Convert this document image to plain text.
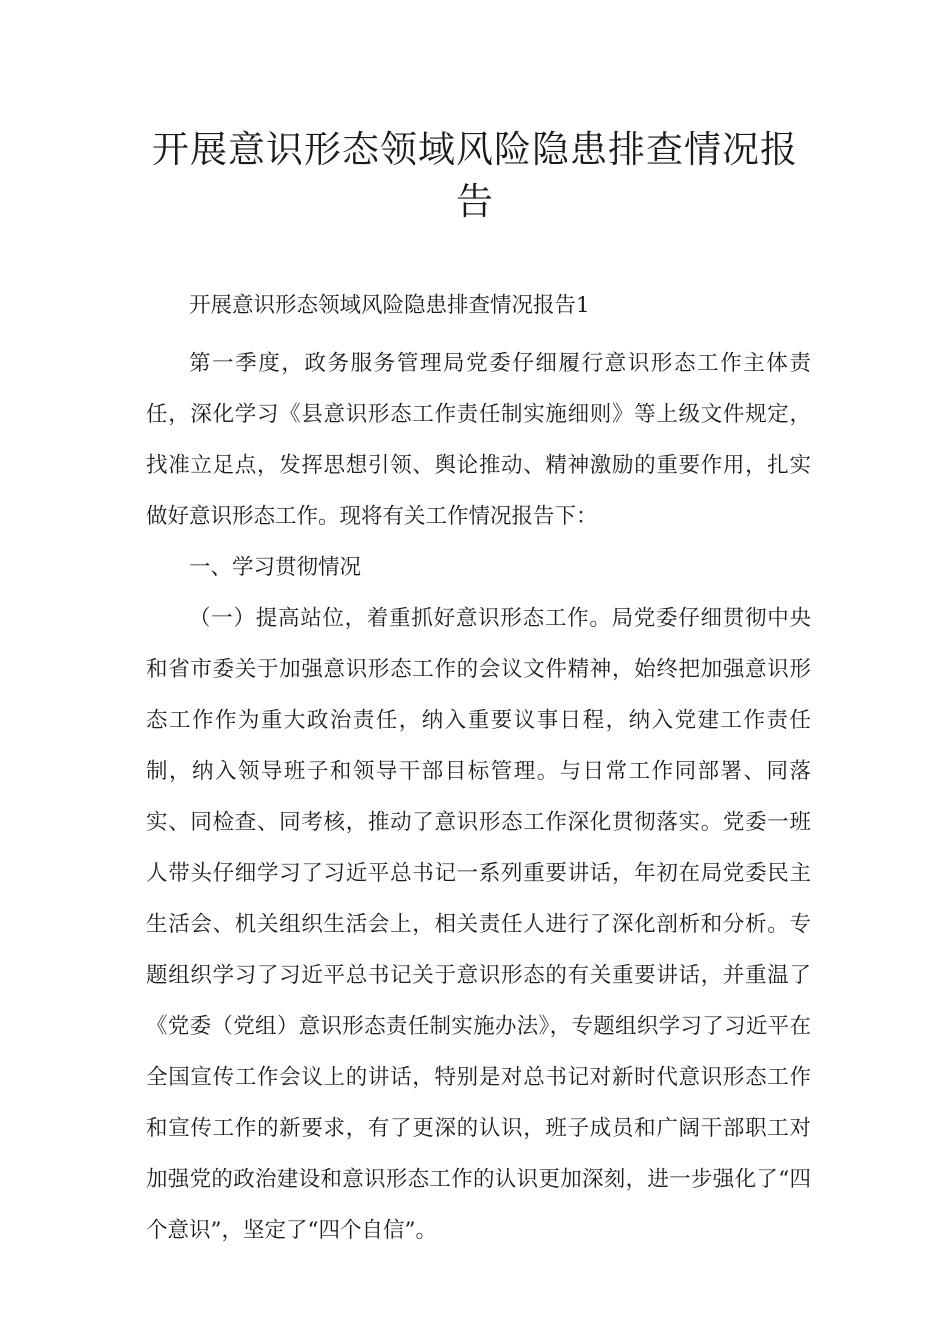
开展意识形态领域风险隐患排查情况报告

开展意识形态领域风险隐患排查情况报告1

第一季度，政务服务管理局党委仔细履行意识形态工作主体责任，深化学习《县意识形态工作责任制实施细则》等上级文件规定，找准立足点，发挥思想引领、舆论推动、精神激励的重要作用，扎实做好意识形态工作。现将有关工作情况报告下：

一、学习贯彻情况

（一）提高站位，着重抓好意识形态工作。局党委仔细贯彻中央和省市委关于加强意识形态工作的会议文件精神，始终把加强意识形态工作作为重大政治责任，纳入重要议事日程，纳入党建工作责任制，纳入领导班子和领导干部目标管理。与日常工作同部署、同落实、同检查、同考核，推动了意识形态工作深化贯彻落实。党委一班人带头仔细学习了习近平总书记一系列重要讲话，年初在局党委民主生活会、机关组织生活会上，相关责任人进行了深化剖析和分析。专题组织学习了习近平总书记关于意识形态的有关重要讲话，并重温了《党委（党组）意识形态责任制实施办法》，专题组织学习了习近平在全国宣传工作会议上的讲话，特别是对总书记对新时代意识形态工作和宣传工作的新要求，有了更深的认识，班子成员和广阔干部职工对加强党的政治建设和意识形态工作的认识更加深刻，进一步强化了“四个意识”，坚定了“四个自信”。
